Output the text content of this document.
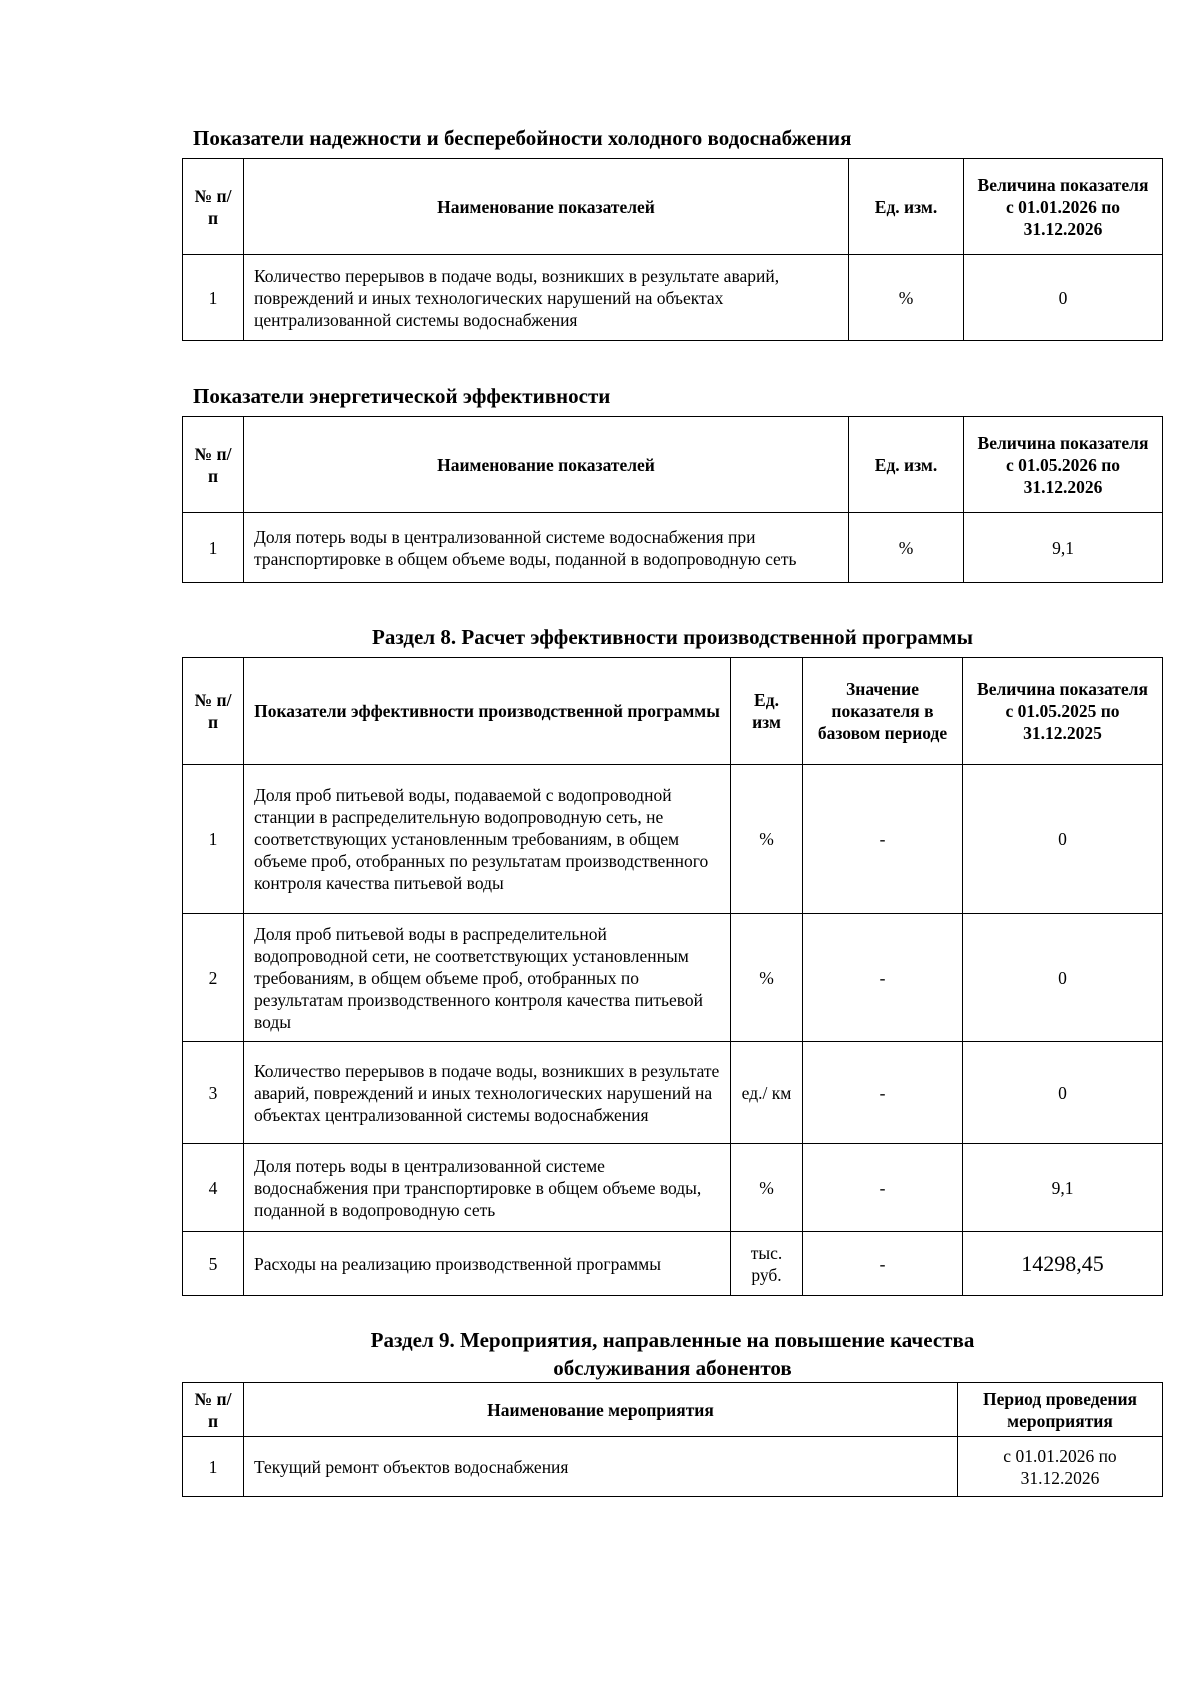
Показатели надежности и бесперебойности холодного водоснабжения
№ п/п	Наименование показателей	Ед. изм.	Величина показателя с 01.01.2026 по 31.12.2026
1	Количество перерывов в подаче воды, возникших в результате аварий, повреждений и иных технологических нарушений на объектах централизованной системы водоснабжения	%	0
Показатели энергетической эффективности
№ п/п	Наименование показателей	Ед. изм.	Величина показателя с 01.05.2026 по 31.12.2026
1	Доля потерь воды в централизованной системе водоснабжения при транспортировке в общем объеме воды, поданной в водопроводную сеть	%	9,1
Раздел 8. Расчет эффективности производственной программы
№ п/п	Показатели эффективности производственной программы	Ед. изм	Значение показателя в базовом периоде	Величина показателя с 01.05.2025 по 31.12.2025
1	Доля проб питьевой воды, подаваемой с водопроводной станции в распределительную водопроводную сеть, не соответствующих установленным требованиям, в общем объеме проб, отобранных по результатам производственного контроля качества питьевой воды	%	-	0
2	Доля проб питьевой воды в распределительной водопроводной сети, не соответствующих установленным требованиям, в общем объеме проб, отобранных по результатам производственного контроля качества питьевой воды	%	-	0
3	Количество перерывов в подаче воды, возникших в результате аварий, повреждений и иных технологических нарушений на объектах централизованной системы водоснабжения	ед./ км	-	0
4	Доля потерь воды в централизованной системе водоснабжения при транспортировке в общем объеме воды, поданной в водопроводную сеть	%	-	9,1
5	Расходы на реализацию производственной программы	тыс. руб.	-	14298,45
Раздел 9. Мероприятия, направленные на повышение качества
обслуживания абонентов
№ п/п	Наименование мероприятия	Период проведения мероприятия
1	Текущий ремонт объектов водоснабжения	с 01.01.2026 по 31.12.2026
